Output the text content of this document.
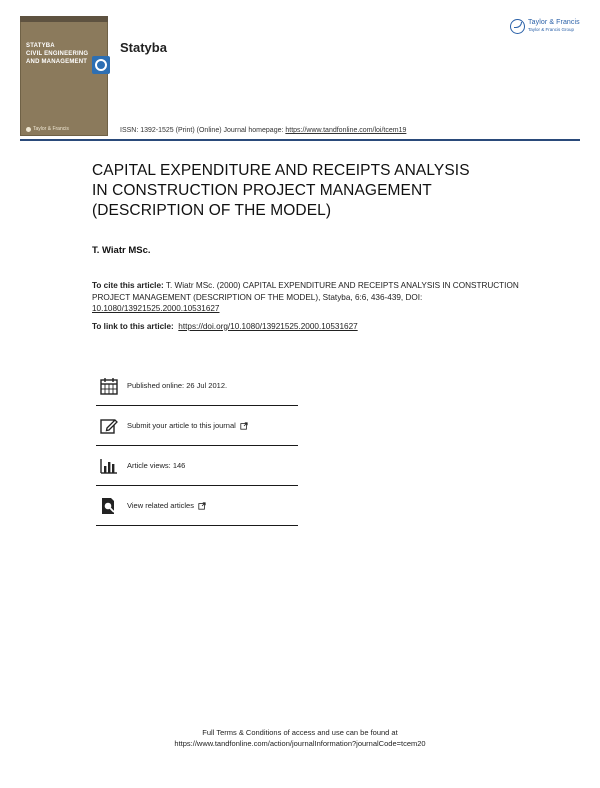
STATYBA
CIVIL ENGINEERING
AND MANAGEMENT
Taylor & Francis
Statyba
Taylor & Francis
Taylor & Francis Group
ISSN: 1392-1525 (Print) (Online) Journal homepage: https://www.tandfonline.com/loi/tcem19
CAPITAL EXPENDITURE AND RECEIPTS ANALYSIS
IN CONSTRUCTION PROJECT MANAGEMENT
(DESCRIPTION OF THE MODEL)
T. Wiatr MSc.
To cite this article: T. Wiatr MSc. (2000) CAPITAL EXPENDITURE AND RECEIPTS ANALYSIS IN CONSTRUCTION PROJECT MANAGEMENT (DESCRIPTION OF THE MODEL), Statyba, 6:6, 436-439, DOI: 10.1080/13921525.2000.10531627
To link to this article: https://doi.org/10.1080/13921525.2000.10531627
Published online: 26 Jul 2012.
Submit your article to this journal
Article views: 146
View related articles
Full Terms & Conditions of access and use can be found at
https://www.tandfonline.com/action/journalInformation?journalCode=tcem20
